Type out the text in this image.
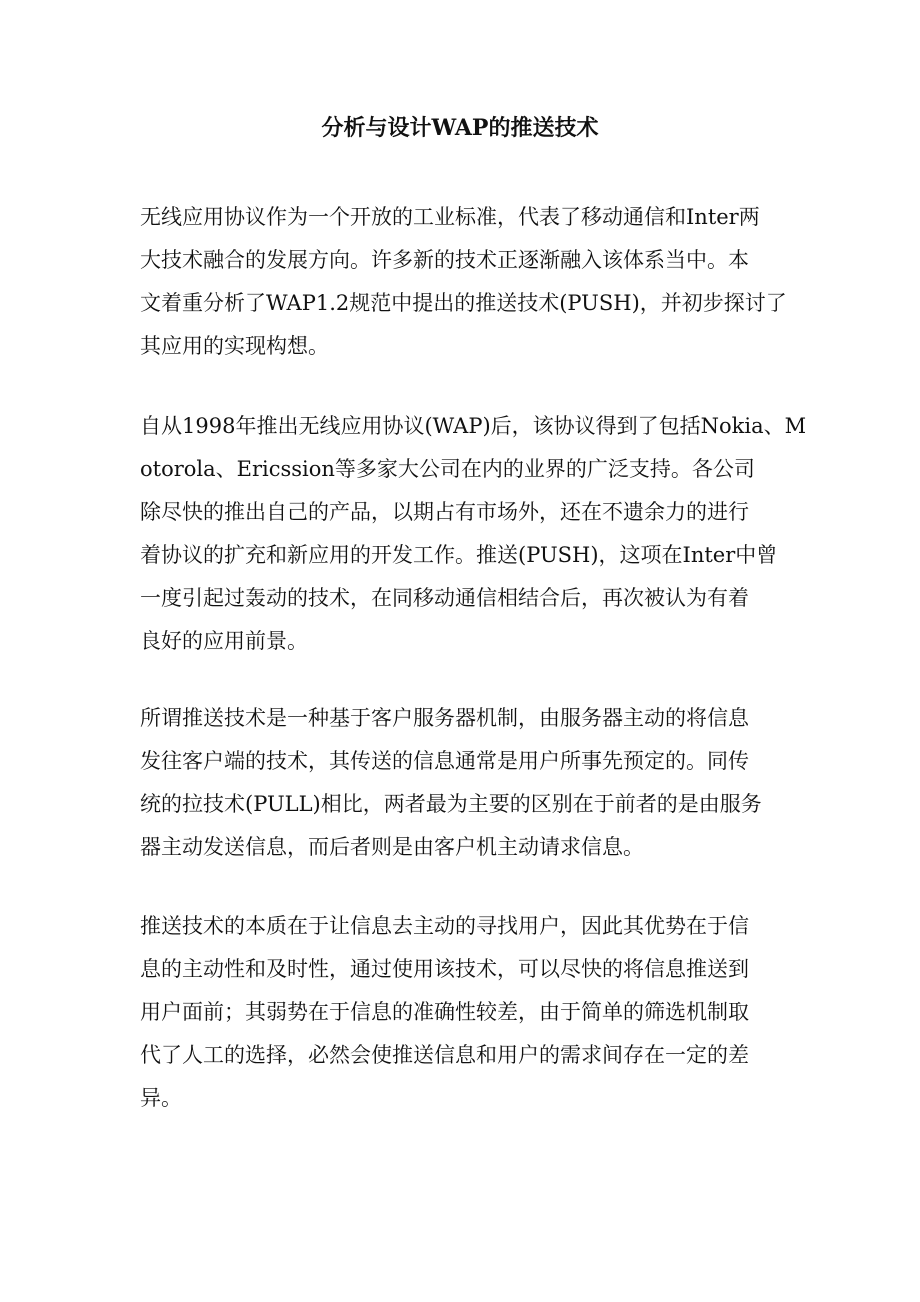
分析与设计WAP的推送技术
无线应用协议作为一个开放的工业标准，代表了移动通信和Inter两
大技术融合的发展方向。许多新的技术正逐渐融入该体系当中。本
文着重分析了WAP1.2规范中提出的推送技术(PUSH)，并初步探讨了
其应用的实现构想。
自从1998年推出无线应用协议(WAP)后，该协议得到了包括Nokia、M
otorola、Ericssion等多家大公司在内的业界的广泛支持。各公司
除尽快的推出自己的产品，以期占有市场外，还在不遗余力的进行
着协议的扩充和新应用的开发工作。推送(PUSH)，这项在Inter中曾
一度引起过轰动的技术，在同移动通信相结合后，再次被认为有着
良好的应用前景。
所谓推送技术是一种基于客户服务器机制，由服务器主动的将信息
发往客户端的技术，其传送的信息通常是用户所事先预定的。同传
统的拉技术(PULL)相比，两者最为主要的区别在于前者的是由服务
器主动发送信息，而后者则是由客户机主动请求信息。
推送技术的本质在于让信息去主动的寻找用户，因此其优势在于信
息的主动性和及时性，通过使用该技术，可以尽快的将信息推送到
用户面前；其弱势在于信息的准确性较差，由于简单的筛选机制取
代了人工的选择，必然会使推送信息和用户的需求间存在一定的差
异。
